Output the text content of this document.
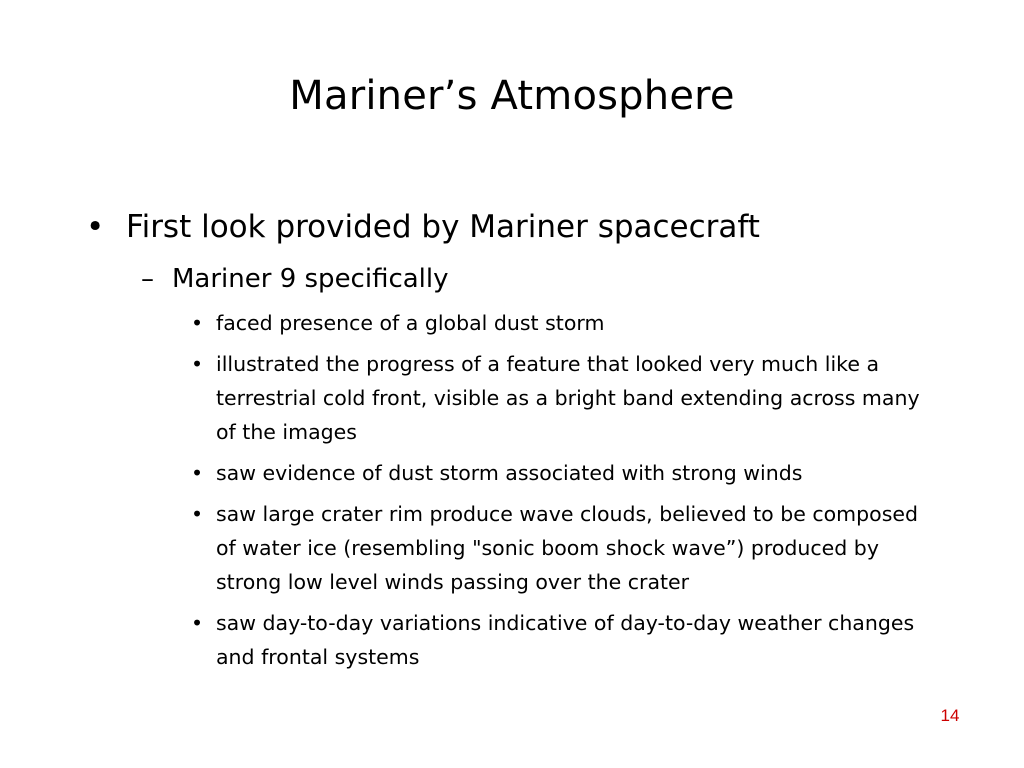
Mariner’s Atmosphere
• First look provided by Mariner spacecraft
– Mariner 9 specifically
• faced presence of a global dust storm
• illustrated the progress of a feature that looked very much like a terrestrial cold front, visible as a bright band extending across many of the images
• saw evidence of dust storm associated with strong winds
• saw large crater rim produce wave clouds, believed to be composed of water ice (resembling "sonic boom shock wave”) produced by strong low level winds passing over the crater
• saw day-to-day variations indicative of day-to-day weather changes and frontal systems
14
